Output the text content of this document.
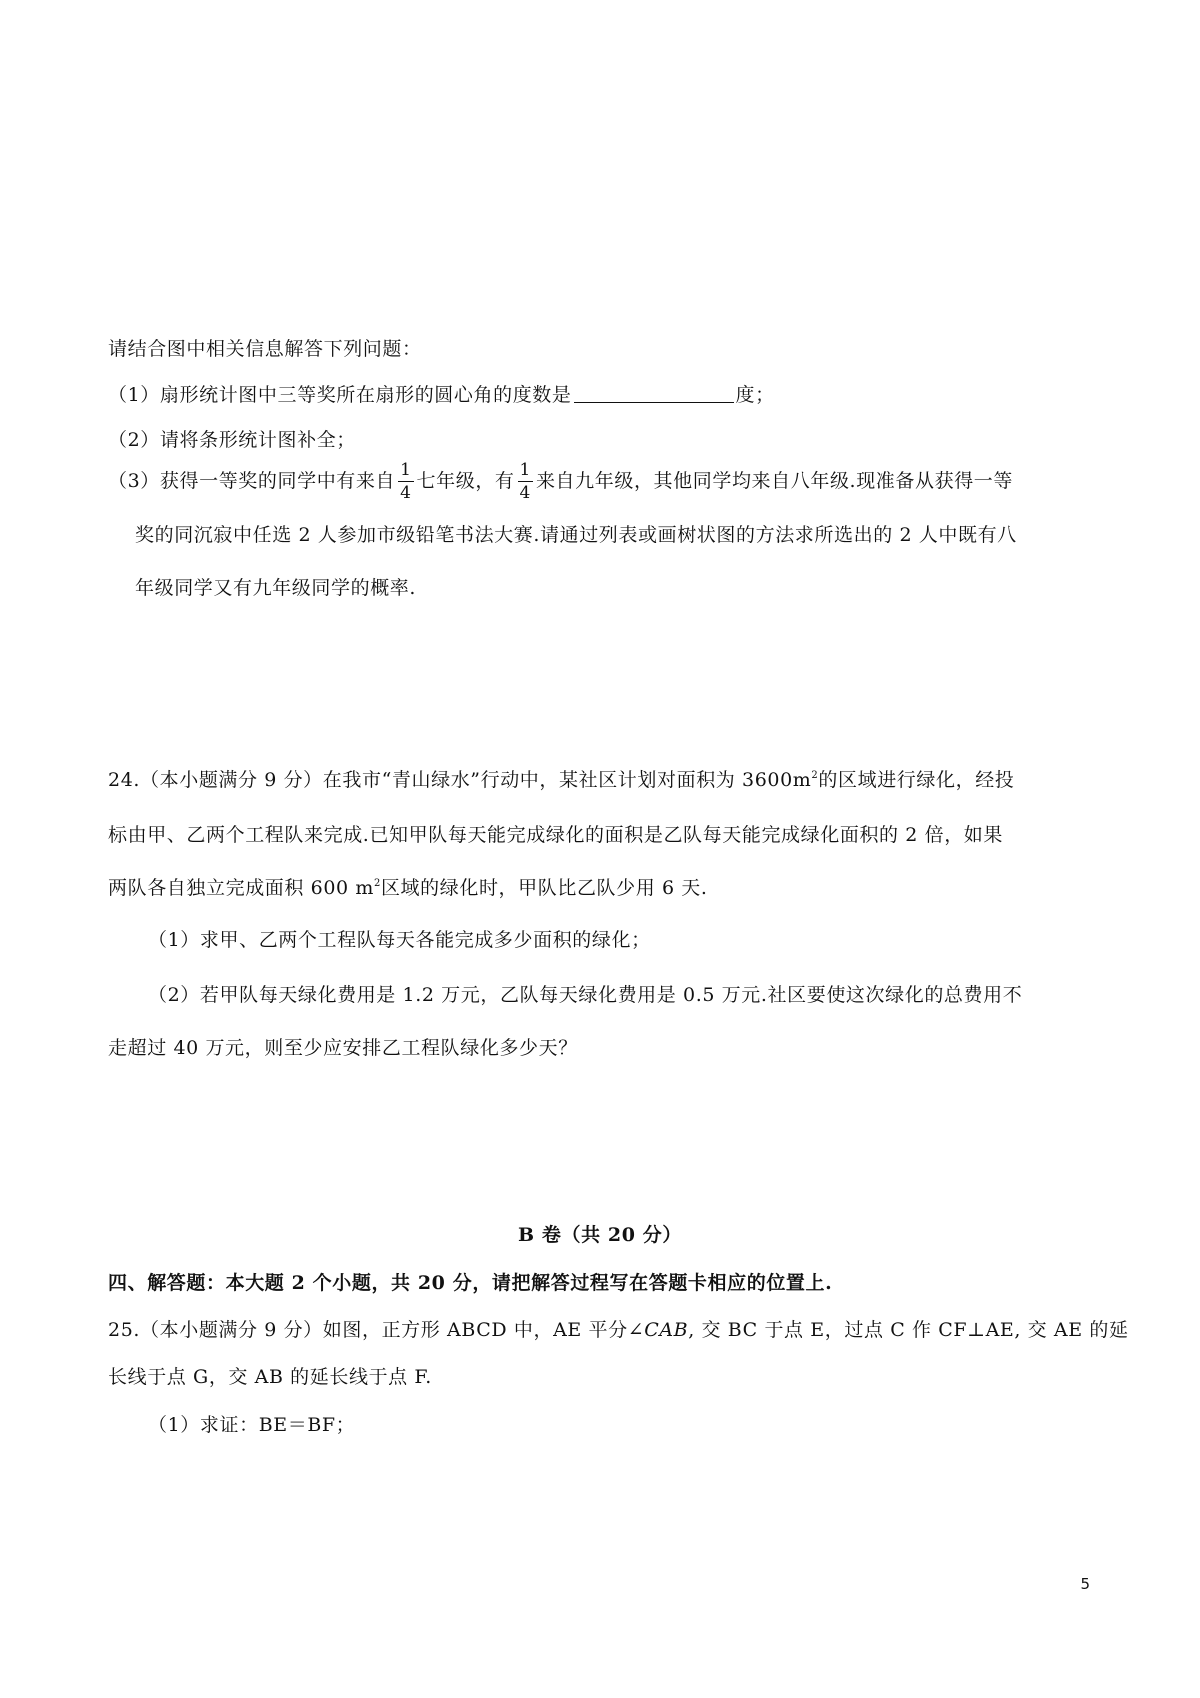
请结合图中相关信息解答下列问题：
（1）扇形统计图中三等奖所在扇形的圆心角的度数是	度；
（2）请将条形统计图补全；
（3）获得一等奖的同学中有来自 $\frac{1}{4}$ 七年级，有 $\frac{1}{4}$ 来自九年级，其他同学均来自八年级.现准备从获得一等
奖的同沉寂中任选 2 人参加市级铅笔书法大赛.请通过列表或画树状图的方法求所选出的 2 人中既有八
年级同学又有九年级同学的概率.
24.（本小题满分 9 分）在我市“青山绿水”行动中，某社区计划对面积为 $3600m^2$的区域进行绿化，经投
标由甲、乙两个工程队来完成.已知甲队每天能完成绿化的面积是乙队每天能完成绿化面积的 2 倍，如果
两队各自独立完成面积 600 $m^2$区域的绿化时，甲队比乙队少用 6 天.
（1）求甲、乙两个工程队每天各能完成多少面积的绿化；
（2）若甲队每天绿化费用是 1.2 万元，乙队每天绿化费用是 0.5 万元.社区要使这次绿化的总费用不
走超过 40 万元，则至少应安排乙工程队绿化多少天？
B 卷（共 20 分）
四、解答题：本大题 2 个小题，共 20 分，请把解答过程写在答题卡相应的位置上.
25.（本小题满分 9 分）如图，正方形 ABCD 中，AE 平分∠CAB, 交 BC 于点 E，过点 C 作 CF⊥AE, 交 AE 的延
长线于点 G，交 AB 的延长线于点 F.
（1）求证：BE＝BF；
5
